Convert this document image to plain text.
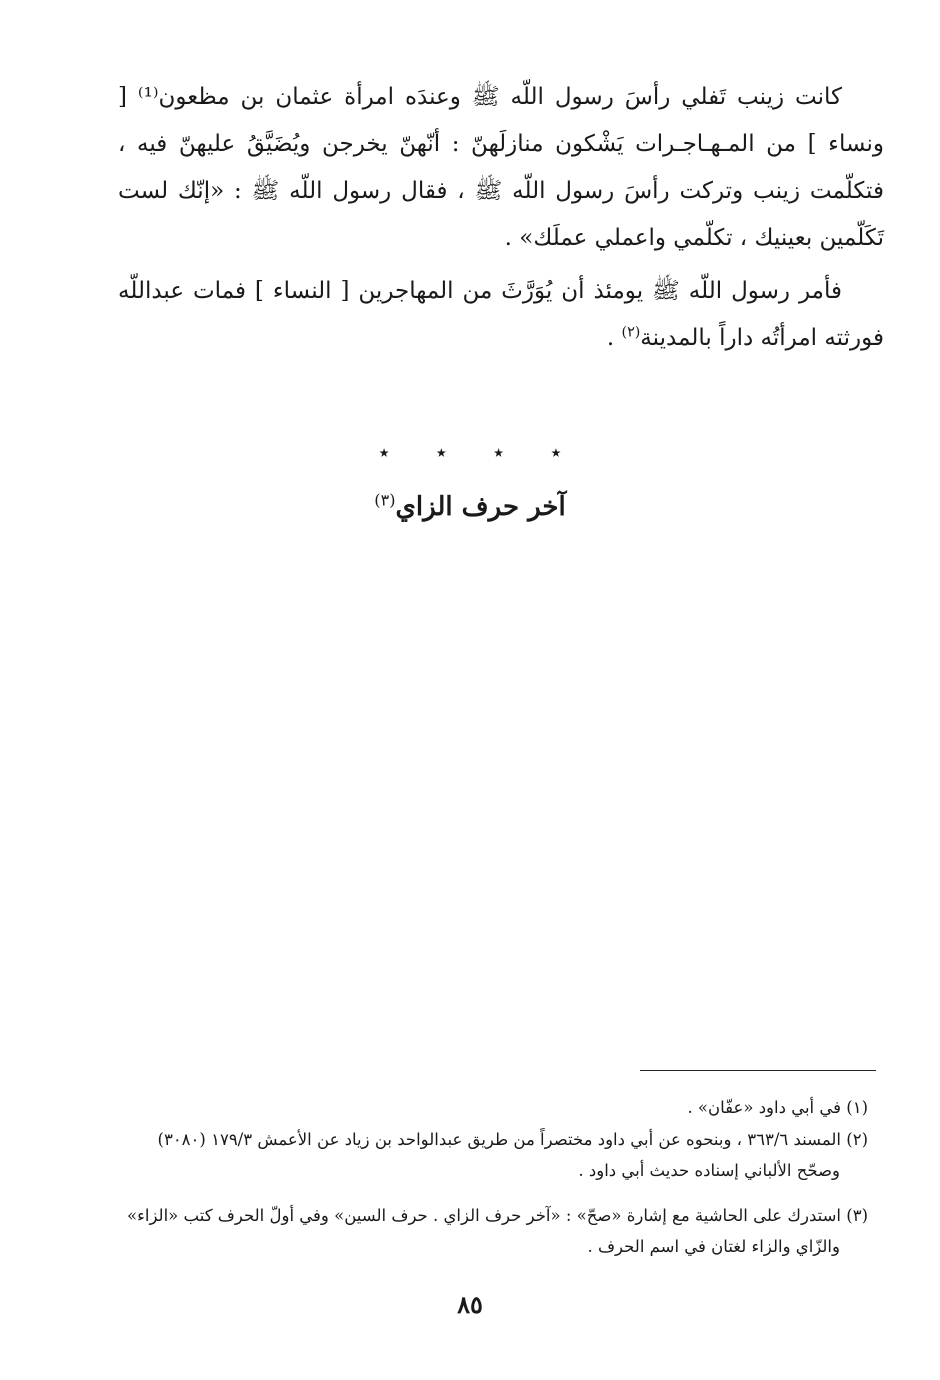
كانت زينب تَفلي رأسَ رسول اللّه ﷺ وعندَه امرأة عثمان بن مظعون⁽¹⁾ [ ونساء ] من المـهـاجـرات يَشْكون منازلَهنّ : أنّهنّ يخرجن ويُضَيَّقُ عليهنّ فيه ، فتكلّمت زينب وتركت رأسَ رسول اللّه ﷺ ، فقال رسول اللّه ﷺ : «إنّك لست تَكَلّمين بعينيك ، تكلّمي واعملي عملَك» .

فأمر رسول اللّه ﷺ يومئذ أن يُوَرَّثَ من المهاجرين [ النساء ] فمات عبداللّه فورثته امرأتُه داراً بالمدينة$^{(٢)}$ .

٭ ٭ ٭ ٭
آخر حرف الزاي$^{(٣)}$

(١) في أبي داود «عفّان» .

(٢) المسند ٣٦٣/٦ ، وبنحوه عن أبي داود مختصراً من طريق عبدالواحد بن زياد عن الأعمش ١٧٩/٣ (٣٠٨٠)
وصحّح الألباني إسناده حديث أبي داود .

(٣) استدرك على الحاشية مع إشارة «صحّ» : «آخر حرف الزاي . حرف السين» وفي أولّ الحرف كتب «الزاء»
والزّاي والزاء لغتان في اسم الحرف .

٨٥
